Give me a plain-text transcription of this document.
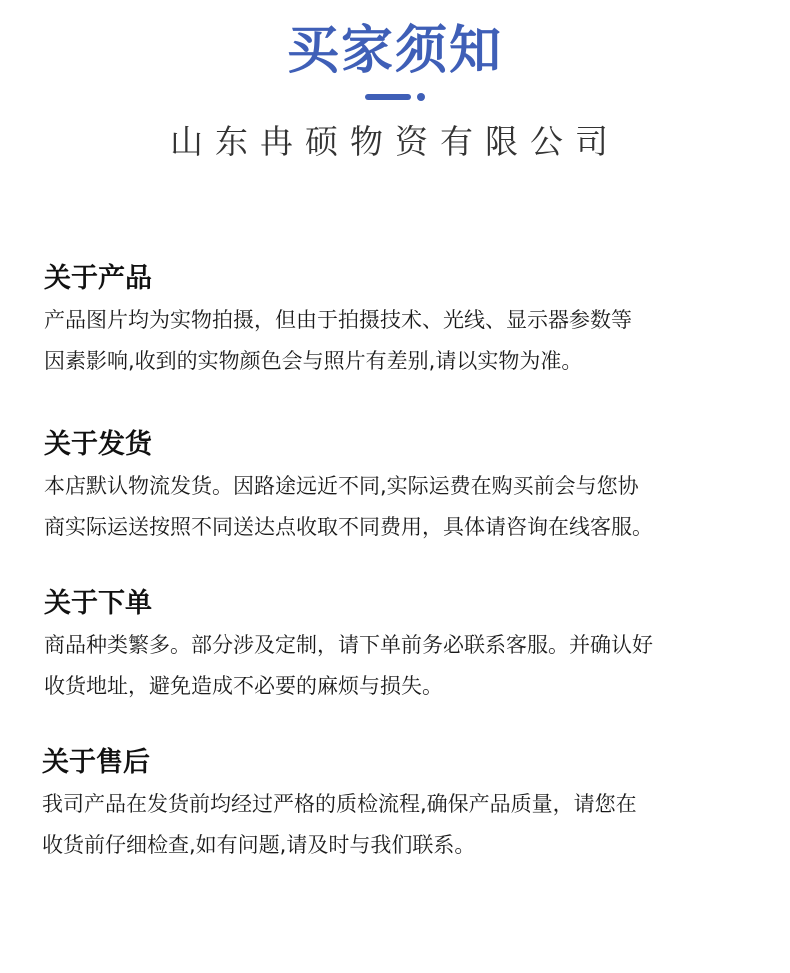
买家须知
山东冉硕物资有限公司
关于产品
产品图片均为实物拍摄，但由于拍摄技术、光线、显示器参数等
因素影响,收到的实物颜色会与照片有差别,请以实物为准。
关于发货
本店默认物流发货。因路途远近不同,实际运费在购买前会与您协
商实际运送按照不同送达点收取不同费用，具体请咨询在线客服。
关于下单
商品种类繁多。部分涉及定制，请下单前务必联系客服。并确认好
收货地址，避免造成不必要的麻烦与损失。
关于售后
我司产品在发货前均经过严格的质检流程,确保产品质量，请您在
收货前仔细检查,如有问题,请及时与我们联系。
